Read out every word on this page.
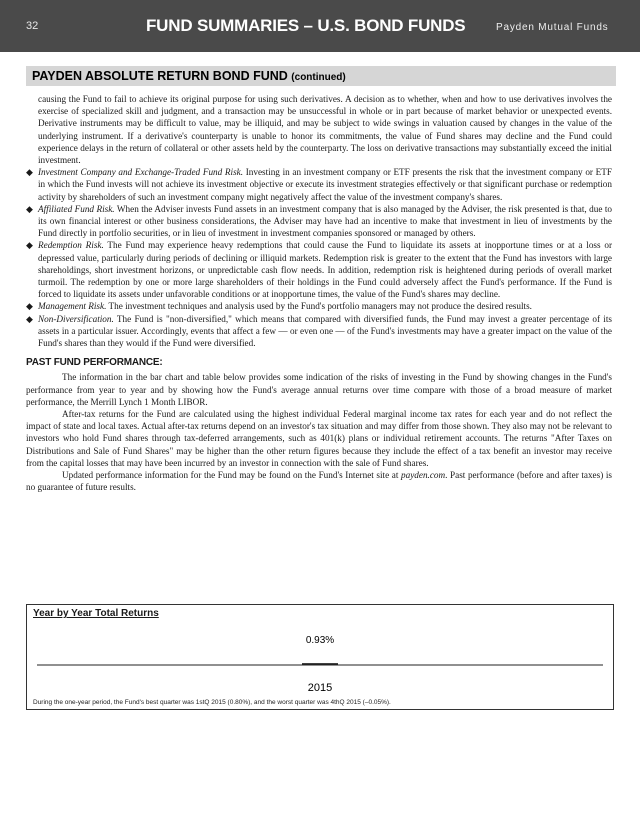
32	FUND SUMMARIES – U.S. BOND FUNDS	Payden Mutual Funds
PAYDEN ABSOLUTE RETURN BOND FUND (continued)

causing the Fund to fail to achieve its original purpose for using such derivatives. A decision as to whether, when and how to use derivatives involves the exercise of specialized skill and judgment, and a transaction may be unsuccessful in whole or in part because of market behavior or unexpected events. Derivative instruments may be difficult to value, may be illiquid, and may be subject to wide swings in valuation caused by changes in the value of the underlying instrument. If a derivative's counterparty is unable to honor its commitments, the value of Fund shares may decline and the Fund could experience delays in the return of collateral or other assets held by the counterparty. The loss on derivative transactions may substantially exceed the initial investment.

◆ Investment Company and Exchange-Traded Fund Risk. Investing in an investment company or ETF presents the risk that the investment company or ETF in which the Fund invests will not achieve its investment objective or execute its investment strategies effectively or that significant purchase or redemption activity by shareholders of such an investment company might negatively affect the value of the investment company's shares.
◆ Affiliated Fund Risk. When the Adviser invests Fund assets in an investment company that is also managed by the Adviser, the risk presented is that, due to its own financial interest or other business considerations, the Adviser may have had an incentive to make that investment in lieu of investments by the Fund directly in portfolio securities, or in lieu of investment in investment companies sponsored or managed by others.
◆ Redemption Risk. The Fund may experience heavy redemptions that could cause the Fund to liquidate its assets at inopportune times or at a loss or depressed value, particularly during periods of declining or illiquid markets. Redemption risk is greater to the extent that the Fund has investors with large shareholdings, short investment horizons, or unpredictable cash flow needs. In addition, redemption risk is heightened during periods of overall market turmoil. The redemption by one or more large shareholders of their holdings in the Fund could adversely affect the Fund's performance. If the Fund is forced to liquidate its assets under unfavorable conditions or at inopportune times, the value of the Fund's shares may decline.
◆ Management Risk. The investment techniques and analysis used by the Fund's portfolio managers may not produce the desired results.
◆ Non-Diversification. The Fund is "non-diversified," which means that compared with diversified funds, the Fund may invest a greater percentage of its assets in a particular issuer. Accordingly, events that affect a few — or even one — of the Fund's investments may have a greater impact on the value of the Fund's shares than they would if the Fund were diversified.
PAST FUND PERFORMANCE:

The information in the bar chart and table below provides some indication of the risks of investing in the Fund by showing changes in the Fund's performance from year to year and by showing how the Fund's average annual returns over time compare with those of a broad measure of market performance, the Merrill Lynch 1 Month LIBOR.

After-tax returns for the Fund are calculated using the highest individual Federal marginal income tax rates for each year and do not reflect the impact of state and local taxes. Actual after-tax returns depend on an investor's tax situation and may differ from those shown. They also may not be relevant to investors who hold Fund shares through tax-deferred arrangements, such as 401(k) plans or individual retirement accounts. The returns "After Taxes on Distributions and Sale of Fund Shares" may be higher than the other return figures because they include the effect of a tax benefit an investor may receive from the capital losses that may have been incurred by an investor in connection with the sale of Fund shares.

Updated performance information for the Fund may be found on the Fund's Internet site at payden.com. Past performance (before and after taxes) is no guarantee of future results.

Year by Year Total Returns
0.93%
2015
During the one-year period, the Fund's best quarter was 1stQ 2015 (0.80%), and the worst quarter was 4thQ 2015 (–0.05%).
